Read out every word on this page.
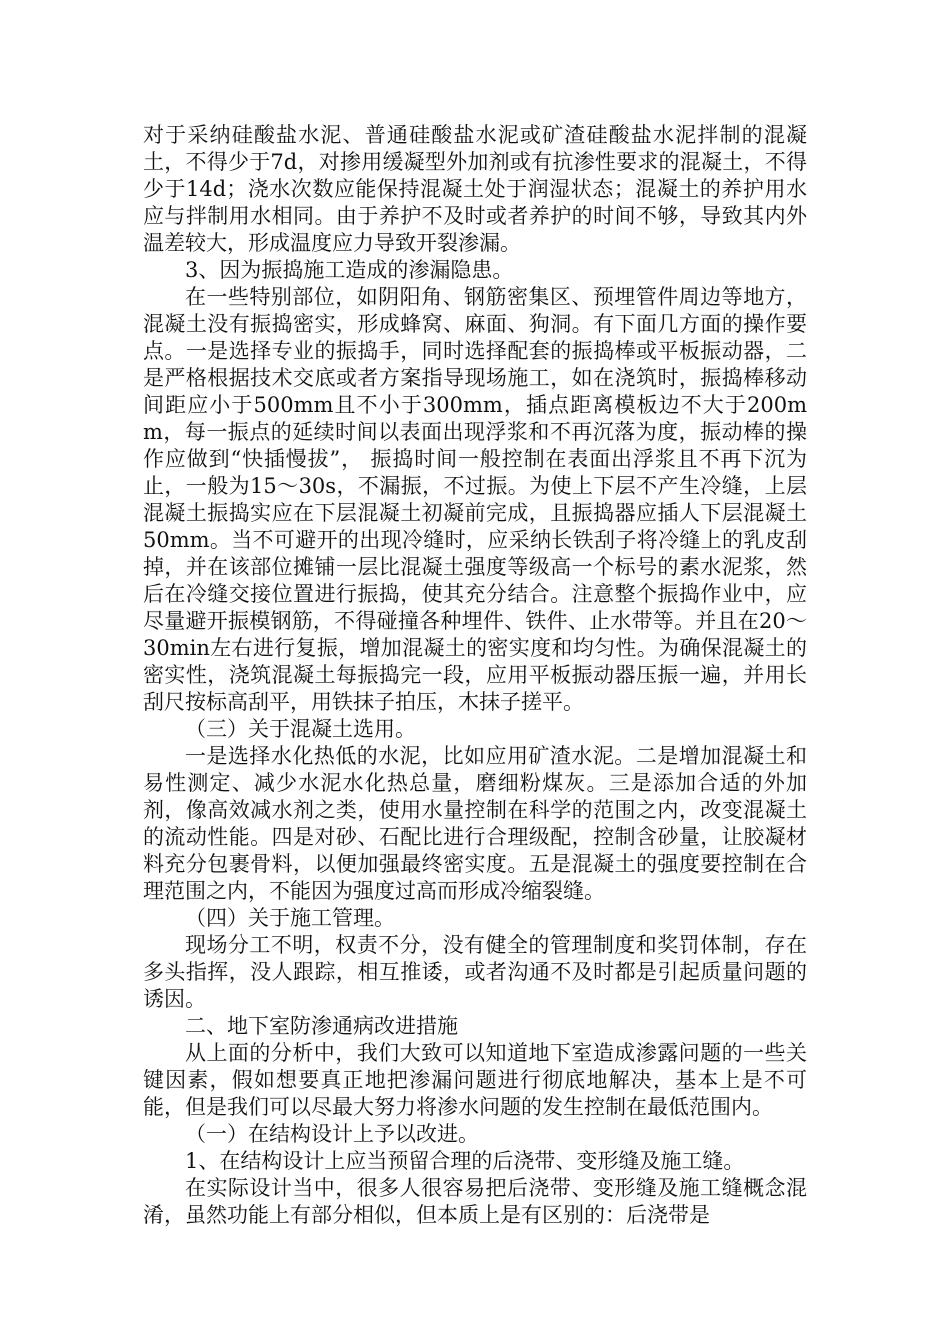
对于采纳硅酸盐水泥、普通硅酸盐水泥或矿渣硅酸盐水泥拌制的混凝土，不得少于7d，对掺用缓凝型外加剂或有抗渗性要求的混凝土，不得少于14d；浇水次数应能保持混凝土处于润湿状态；混凝土的养护用水应与拌制用水相同。由于养护不及时或者养护的时间不够，导致其内外温差较大，形成温度应力导致开裂渗漏。

3、因为振捣施工造成的渗漏隐患。

在一些特别部位，如阴阳角、钢筋密集区、预埋管件周边等地方，混凝土没有振捣密实，形成蜂窝、麻面、狗洞。有下面几方面的操作要点。一是选择专业的振捣手，同时选择配套的振捣棒或平板振动器，二是严格根据技术交底或者方案指导现场施工，如在浇筑时，振捣棒移动间距应小于500mm且不小于300mm，插点距离模板边不大于200mm，每一振点的延续时间以表面出现浮浆和不再沉落为度，振动棒的操作应做到“快插慢拔”， 振捣时间一般控制在表面出浮浆且不再下沉为止，一般为15～30s，不漏振，不过振。为使上下层不产生冷缝，上层混凝土振捣实应在下层混凝土初凝前完成，且振捣器应插人下层混凝土50mm。当不可避开的出现冷缝时，应采纳长铁刮子将冷缝上的乳皮刮掉，并在该部位摊铺一层比混凝土强度等级高一个标号的素水泥浆，然后在冷缝交接位置进行振捣，使其充分结合。注意整个振捣作业中，应尽量避开振模钢筋，不得碰撞各种埋件、铁件、止水带等。并且在20～30min左右进行复振，增加混凝土的密实度和均匀性。为确保混凝土的密实性，浇筑混凝土每振捣完一段，应用平板振动器压振一遍，并用长刮尺按标高刮平，用铁抹子拍压，木抹子搓平。

（三）关于混凝土选用。

一是选择水化热低的水泥，比如应用矿渣水泥。二是增加混凝土和易性测定、减少水泥水化热总量，磨细粉煤灰。三是添加合适的外加剂，像高效减水剂之类，使用水量控制在科学的范围之内，改变混凝土的流动性能。四是对砂、石配比进行合理级配，控制含砂量，让胶凝材料充分包裹骨料，以便加强最终密实度。五是混凝土的强度要控制在合理范围之内，不能因为强度过高而形成冷缩裂缝。

（四）关于施工管理。

现场分工不明，权责不分，没有健全的管理制度和奖罚体制，存在多头指挥，没人跟踪，相互推诿，或者沟通不及时都是引起质量问题的诱因。

二、地下室防渗通病改进措施

从上面的分析中，我们大致可以知道地下室造成渗露问题的一些关键因素，假如想要真正地把渗漏问题进行彻底地解决，基本上是不可能，但是我们可以尽最大努力将渗水问题的发生控制在最低范围内。

（一）在结构设计上予以改进。

1、在结构设计上应当预留合理的后浇带、变形缝及施工缝。

在实际设计当中，很多人很容易把后浇带、变形缝及施工缝概念混淆，虽然功能上有部分相似，但本质上是有区别的：后浇带是
